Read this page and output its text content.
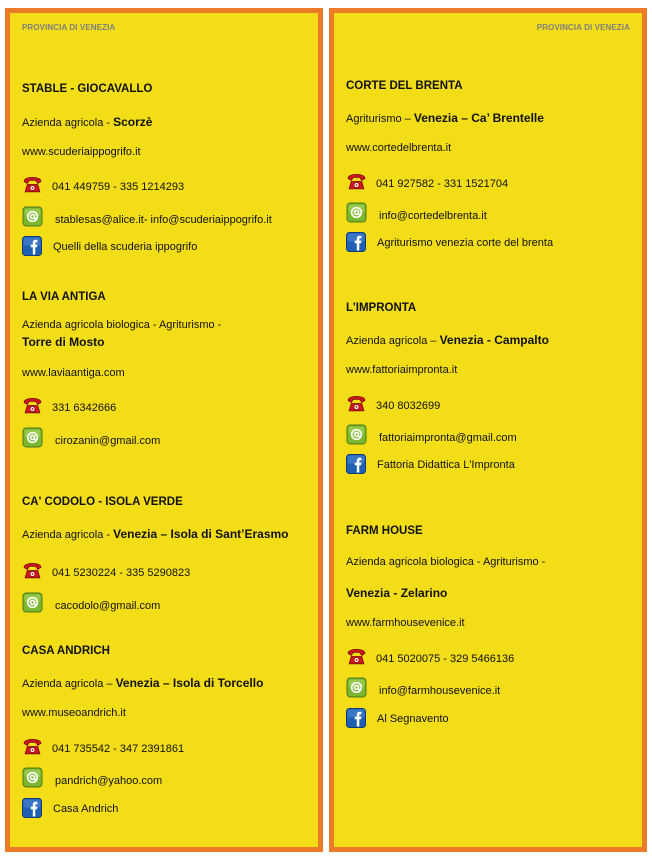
PROVINCIA DI VENEZIA
STABLE - GIOCAVALLO
Azienda agricola - Scorzè
www.scuderiaippogrifo.it
041 449759 - 335 1214293
stablesas@alice.it- info@scuderiaippogrifo.it
Quelli della scuderia ippogrifo
LA VIA ANTIGA
Azienda agricola biologica - Agriturismo -
Torre di Mosto
www.laviaantiga.com
331 6342666
cirozanin@gmail.com
CA' CODOLO - ISOLA VERDE
Azienda agricola - Venezia – Isola di Sant’Erasmo
041 5230224 - 335 5290823
cacodolo@gmail.com
CASA ANDRICH
Azienda agricola – Venezia – Isola di Torcello
www.museoandrich.it
041 735542 - 347 2391861
pandrich@yahoo.com
Casa Andrich
PROVINCIA DI VENEZIA
CORTE DEL BRENTA
Agriturismo – Venezia – Ca’ Brentelle
www.cortedelbrenta.it
041 927582 - 331 1521704
info@cortedelbrenta.it
Agriturismo venezia corte del brenta
L'IMPRONTA
Azienda agricola – Venezia - Campalto
www.fattoriaimpronta.it
340 8032699
fattoriaimpronta@gmail.com
Fattoria Didattica L'Impronta
FARM HOUSE
Azienda agricola biologica - Agriturismo -
Venezia - Zelarino
www.farmhousevenice.it
041 5020075 - 329 5466136
info@farmhousevenice.it
Al Segnavento
